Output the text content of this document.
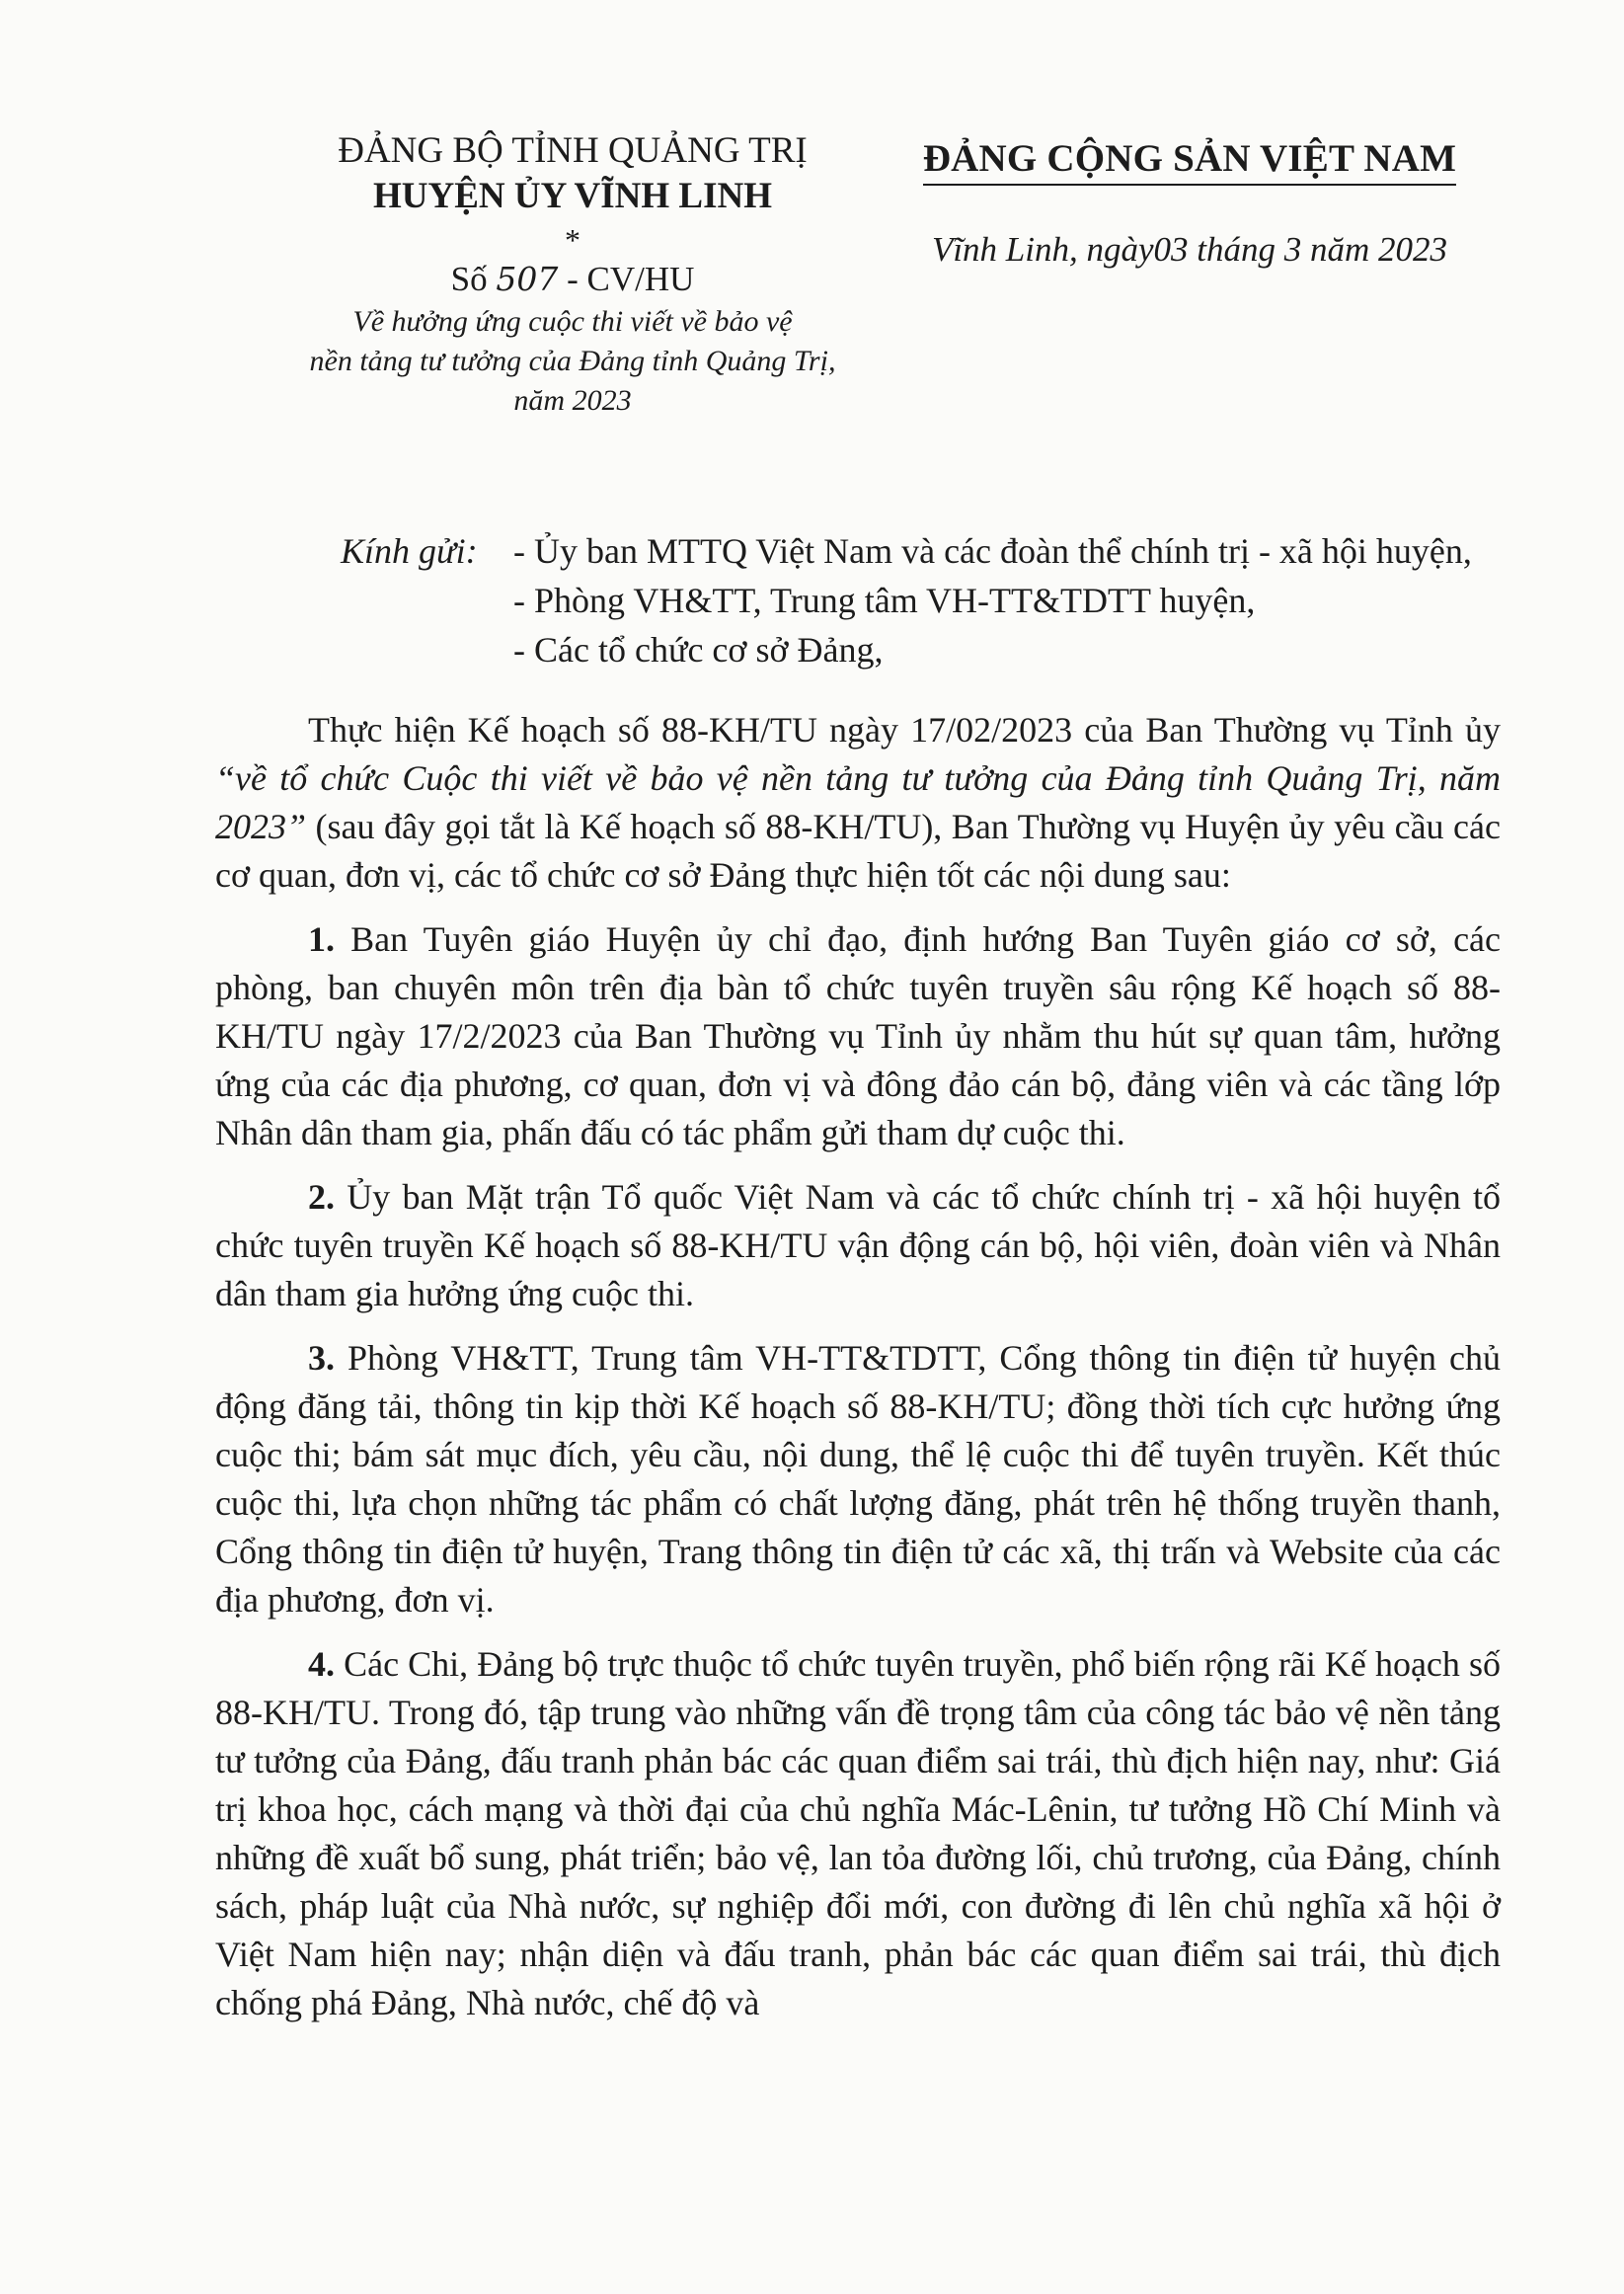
ĐẢNG BỘ TỈNH QUẢNG TRỊ
HUYỆN ỦY VĨNH LINH
*
Số 507 - CV/HU
Về hưởng ứng cuộc thi viết về bảo vệ
nền tảng tư tưởng của Đảng tỉnh Quảng Trị,
năm 2023
ĐẢNG CỘNG SẢN VIỆT NAM
Vĩnh Linh, ngày03 tháng 3 năm 2023
Kính gửi:	- Ủy ban MTTQ Việt Nam và các đoàn thể chính trị - xã hội huyện,
- Phòng VH&TT, Trung tâm VH-TT&TDTT huyện,
- Các tổ chức cơ sở Đảng,

Thực hiện Kế hoạch số 88-KH/TU ngày 17/02/2023 của Ban Thường vụ Tỉnh ủy “về tổ chức Cuộc thi viết về bảo vệ nền tảng tư tưởng của Đảng tỉnh Quảng Trị, năm 2023” (sau đây gọi tắt là Kế hoạch số 88-KH/TU), Ban Thường vụ Huyện ủy yêu cầu các cơ quan, đơn vị, các tổ chức cơ sở Đảng thực hiện tốt các nội dung sau:

1. Ban Tuyên giáo Huyện ủy chỉ đạo, định hướng Ban Tuyên giáo cơ sở, các phòng, ban chuyên môn trên địa bàn tổ chức tuyên truyền sâu rộng Kế hoạch số 88-KH/TU ngày 17/2/2023 của Ban Thường vụ Tỉnh ủy nhằm thu hút sự quan tâm, hưởng ứng của các địa phương, cơ quan, đơn vị và đông đảo cán bộ, đảng viên và các tầng lớp Nhân dân tham gia, phấn đấu có tác phẩm gửi tham dự cuộc thi.

2. Ủy ban Mặt trận Tổ quốc Việt Nam và các tổ chức chính trị - xã hội huyện tổ chức tuyên truyền Kế hoạch số 88-KH/TU vận động cán bộ, hội viên, đoàn viên và Nhân dân tham gia hưởng ứng cuộc thi.

3. Phòng VH&TT, Trung tâm VH-TT&TDTT, Cổng thông tin điện tử huyện chủ động đăng tải, thông tin kịp thời Kế hoạch số 88-KH/TU; đồng thời tích cực hưởng ứng cuộc thi; bám sát mục đích, yêu cầu, nội dung, thể lệ cuộc thi để tuyên truyền. Kết thúc cuộc thi, lựa chọn những tác phẩm có chất lượng đăng, phát trên hệ thống truyền thanh, Cổng thông tin điện tử huyện, Trang thông tin điện tử các xã, thị trấn và Website của các địa phương, đơn vị.

4. Các Chi, Đảng bộ trực thuộc tổ chức tuyên truyền, phổ biến rộng rãi Kế hoạch số 88-KH/TU. Trong đó, tập trung vào những vấn đề trọng tâm của công tác bảo vệ nền tảng tư tưởng của Đảng, đấu tranh phản bác các quan điểm sai trái, thù địch hiện nay, như: Giá trị khoa học, cách mạng và thời đại của chủ nghĩa Mác-Lênin, tư tưởng Hồ Chí Minh và những đề xuất bổ sung, phát triển; bảo vệ, lan tỏa đường lối, chủ trương, của Đảng, chính sách, pháp luật của Nhà nước, sự nghiệp đổi mới, con đường đi lên chủ nghĩa xã hội ở Việt Nam hiện nay; nhận diện và đấu tranh, phản bác các quan điểm sai trái, thù địch chống phá Đảng, Nhà nước, chế độ và
